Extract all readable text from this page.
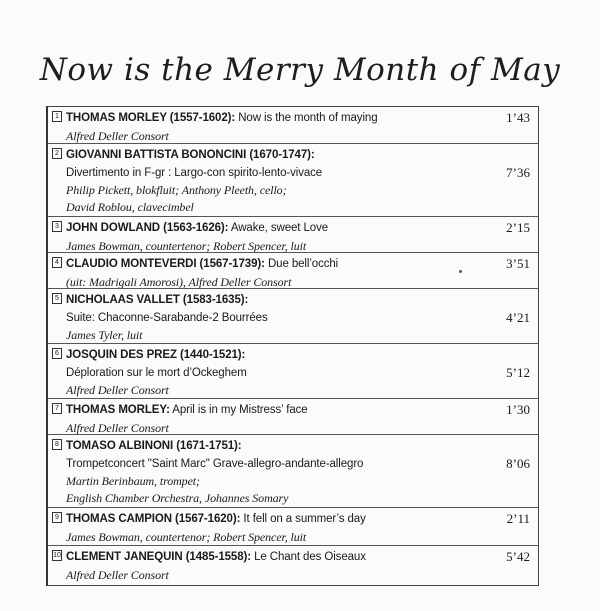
Now is the Merry Month of May
1 THOMAS MORLEY (1557-1602): Now is the month of maying
Alfred Deller Consort
1’43
2 GIOVANNI BATTISTA BONONCINI (1670-1747):
Divertimento in F-gr : Largo-con spirito-lento-vivace
Philip Pickett, blokfluit; Anthony Pleeth, cello;
David Roblou, clavecimbel
7’36
3 JOHN DOWLAND (1563-1626): Awake, sweet Love
James Bowman, countertenor; Robert Spencer, luit
2’15
4 CLAUDIO MONTEVERDI (1567-1739): Due bell’occhi
(uit: Madrigali Amorosi), Alfred Deller Consort
3’51
5 NICHOLAAS VALLET (1583-1635):
Suite: Chaconne-Sarabande-2 Bourrées
James Tyler, luit
4’21
6 JOSQUIN DES PREZ (1440-1521):
Déploration sur le mort d’Ockeghem
Alfred Deller Consort
5’12
7 THOMAS MORLEY: April is in my Mistress’ face
Alfred Deller Consort
1’30
8 TOMASO ALBINONI (1671-1751):
Trompetconcert "Saint Marc" Grave-allegro-andante-allegro
Martin Berinbaum, trompet;
English Chamber Orchestra, Johannes Somary
8’06
9 THOMAS CAMPION (1567-1620): It fell on a summer’s day
James Bowman, countertenor; Robert Spencer, luit
2’11
10 CLEMENT JANEQUIN (1485-1558): Le Chant des Oiseaux
Alfred Deller Consort
5’42
